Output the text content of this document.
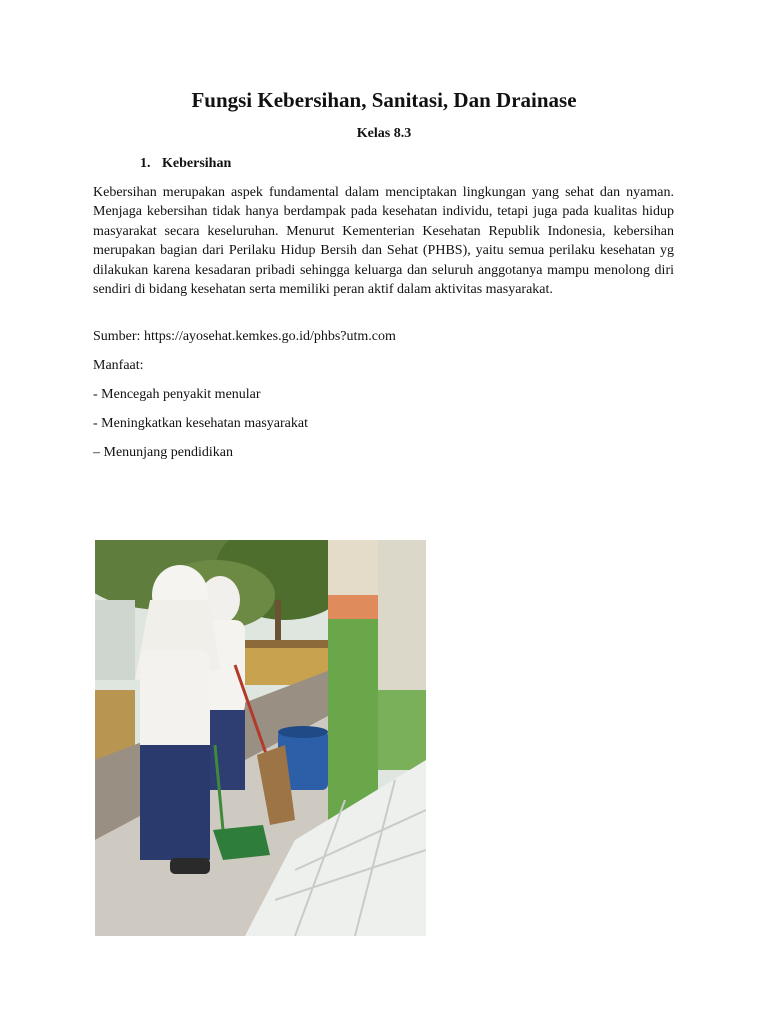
Fungsi Kebersihan, Sanitasi, Dan Drainase
Kelas 8.3
1. Kebersihan

Kebersihan merupakan aspek fundamental dalam menciptakan lingkungan yang sehat dan nyaman. Menjaga kebersihan tidak hanya berdampak pada kesehatan individu, tetapi juga pada kualitas hidup masyarakat secara keseluruhan. Menurut Kementerian Kesehatan Republik Indonesia, kebersihan merupakan bagian dari Perilaku Hidup Bersih dan Sehat (PHBS), yaitu semua perilaku kesehatan yg dilakukan karena kesadaran pribadi sehingga keluarga dan seluruh anggotanya mampu menolong diri sendiri di bidang kesehatan serta memiliki peran aktif dalam aktivitas masyarakat.

Sumber: https://ayosehat.kemkes.go.id/phbs?utm.com
Manfaat:
- Mencegah penyakit menular
- Meningkatkan kesehatan masyarakat
– Menunjang pendidikan
